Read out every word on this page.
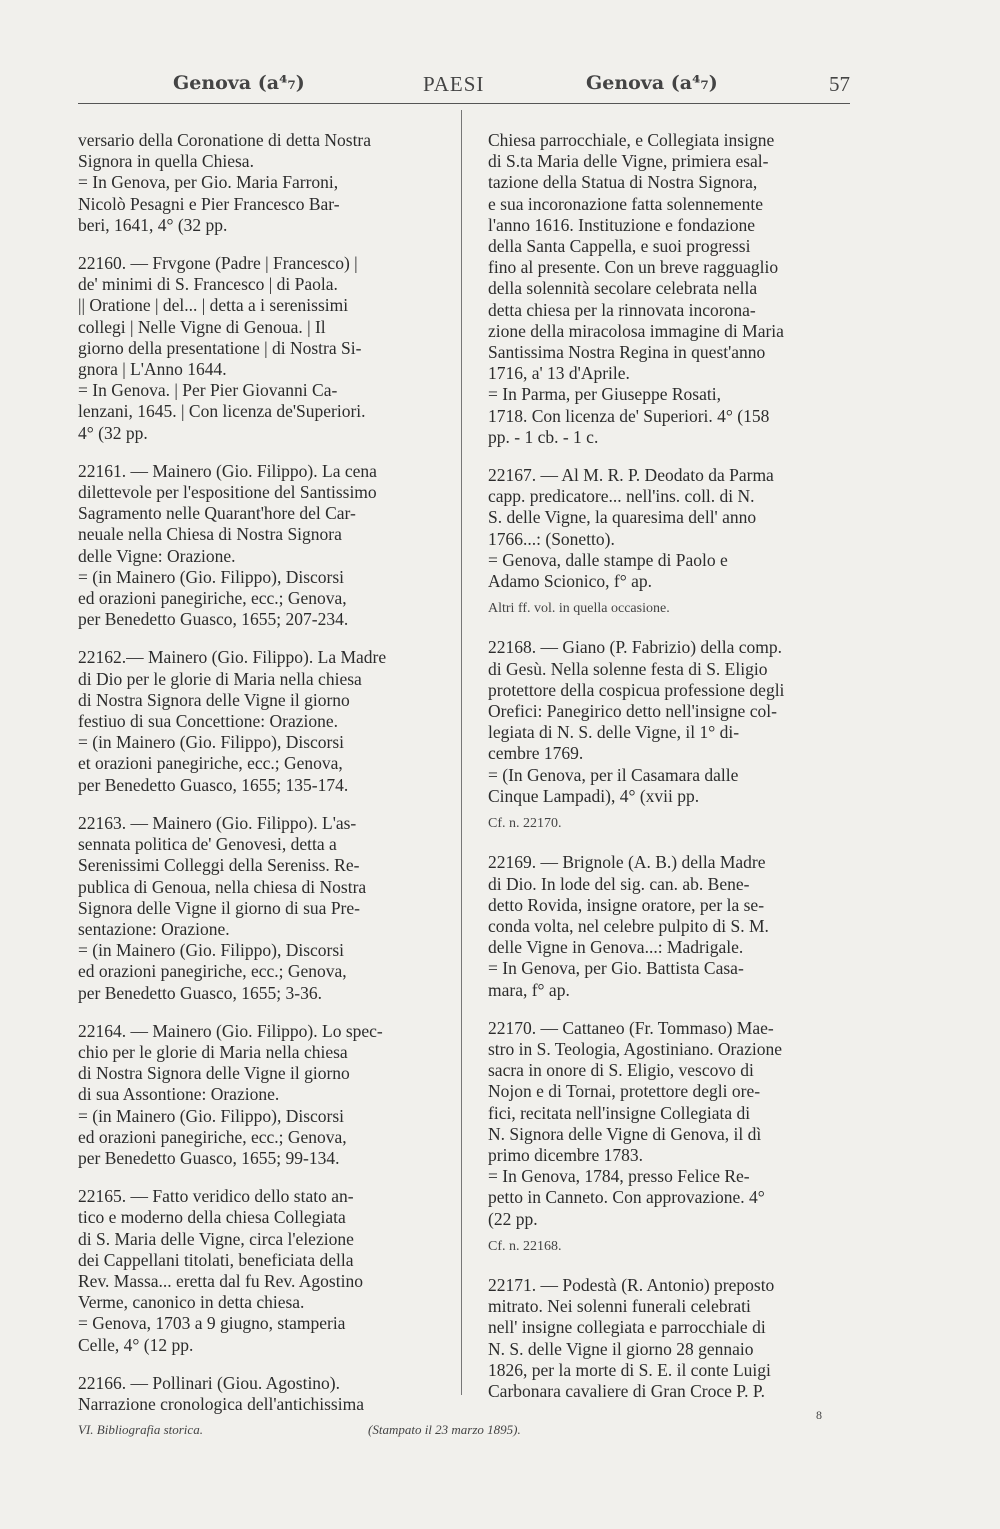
Genova (a⁴₇)	PAESI	Genova (a⁴₇)	57
versario della Coronatione di detta Nostra
Signora in quella Chiesa.
= In Genova, per Gio. Maria Farroni,
Nicolò Pesagni e Pier Francesco Bar-
beri, 1641, 4° (32 pp.
22160. — Frvgone (Padre | Francesco) |
de' minimi di S. Francesco | di Paola.
|| Oratione | del... | detta a i serenissimi
collegi | Nelle Vigne di Genoua. | Il
giorno della presentatione | di Nostra Si-
gnora | L'Anno 1644.
= In Genova. | Per Pier Giovanni Ca-
lenzani, 1645. | Con licenza de'Superiori.
4° (32 pp.
22161. — Mainero (Gio. Filippo). La cena
dilettevole per l'espositione del Santissimo
Sagramento nelle Quarant'hore del Car-
neuale nella Chiesa di Nostra Signora
delle Vigne: Orazione.
= (in Mainero (Gio. Filippo), Discorsi
ed orazioni panegiriche, ecc.; Genova,
per Benedetto Guasco, 1655; 207-234.
22162.— Mainero (Gio. Filippo). La Madre
di Dio per le glorie di Maria nella chiesa
di Nostra Signora delle Vigne il giorno
festiuo di sua Concettione: Orazione.
= (in Mainero (Gio. Filippo), Discorsi
et orazioni panegiriche, ecc.; Genova,
per Benedetto Guasco, 1655; 135-174.
22163. — Mainero (Gio. Filippo). L'as-
sennata politica de' Genovesi, detta a
Serenissimi Colleggi della Sereniss. Re-
publica di Genoua, nella chiesa di Nostra
Signora delle Vigne il giorno di sua Pre-
sentazione: Orazione.
= (in Mainero (Gio. Filippo), Discorsi
ed orazioni panegiriche, ecc.; Genova,
per Benedetto Guasco, 1655; 3-36.
22164. — Mainero (Gio. Filippo). Lo spec-
chio per le glorie di Maria nella chiesa
di Nostra Signora delle Vigne il giorno
di sua Assontione: Orazione.
= (in Mainero (Gio. Filippo), Discorsi
ed orazioni panegiriche, ecc.; Genova,
per Benedetto Guasco, 1655; 99-134.
22165. — Fatto veridico dello stato an-
tico e moderno della chiesa Collegiata
di S. Maria delle Vigne, circa l'elezione
dei Cappellani titolati, beneficiata della
Rev. Massa... eretta dal fu Rev. Agostino
Verme, canonico in detta chiesa.
= Genova, 1703 a 9 giugno, stamperia
Celle, 4° (12 pp.
22166. — Pollinari (Giou. Agostino).
Narrazione cronologica dell'antichissima
Chiesa parrocchiale, e Collegiata insigne
di S.ta Maria delle Vigne, primiera esal-
tazione della Statua di Nostra Signora,
e sua incoronazione fatta solennemente
l'anno 1616. Instituzione e fondazione
della Santa Cappella, e suoi progressi
fino al presente. Con un breve ragguaglio
della solennità secolare celebrata nella
detta chiesa per la rinnovata incorona-
zione della miracolosa immagine di Maria
Santissima Nostra Regina in quest'anno
1716, a' 13 d'Aprile.
= In Parma, per Giuseppe Rosati,
1718. Con licenza de' Superiori. 4° (158
pp. - 1 cb. - 1 c.
22167. — Al M. R. P. Deodato da Parma
capp. predicatore... nell'ins. coll. di N.
S. delle Vigne, la quaresima dell' anno
1766...: (Sonetto).
= Genova, dalle stampe di Paolo e
Adamo Scionico, f° ap.
Altri ff. vol. in quella occasione.
22168. — Giano (P. Fabrizio) della comp.
di Gesù. Nella solenne festa di S. Eligio
protettore della cospicua professione degli
Orefici: Panegirico detto nell'insigne col-
legiata di N. S. delle Vigne, il 1° di-
cembre 1769.
= (In Genova, per il Casamara dalle
Cinque Lampadi), 4° (xvii pp.
Cf. n. 22170.
22169. — Brignole (A. B.) della Madre
di Dio. In lode del sig. can. ab. Bene-
detto Rovida, insigne oratore, per la se-
conda volta, nel celebre pulpito di S. M.
delle Vigne in Genova...: Madrigale.
= In Genova, per Gio. Battista Casa-
mara, f° ap.
22170. — Cattaneo (Fr. Tommaso) Mae-
stro in S. Teologia, Agostiniano. Orazione
sacra in onore di S. Eligio, vescovo di
Nojon e di Tornai, protettore degli ore-
fici, recitata nell'insigne Collegiata di
N. Signora delle Vigne di Genova, il dì
primo dicembre 1783.
= In Genova, 1784, presso Felice Re-
petto in Canneto. Con approvazione. 4°
(22 pp.
Cf. n. 22168.
22171. — Podestà (R. Antonio) preposto
mitrato. Nei solenni funerali celebrati
nell' insigne collegiata e parrocchiale di
N. S. delle Vigne il giorno 28 gennaio
1826, per la morte di S. E. il conte Luigi
Carbonara cavaliere di Gran Croce P. P.
VI. Bibliografia storica.	(Stampato il 23 marzo 1895).
8
